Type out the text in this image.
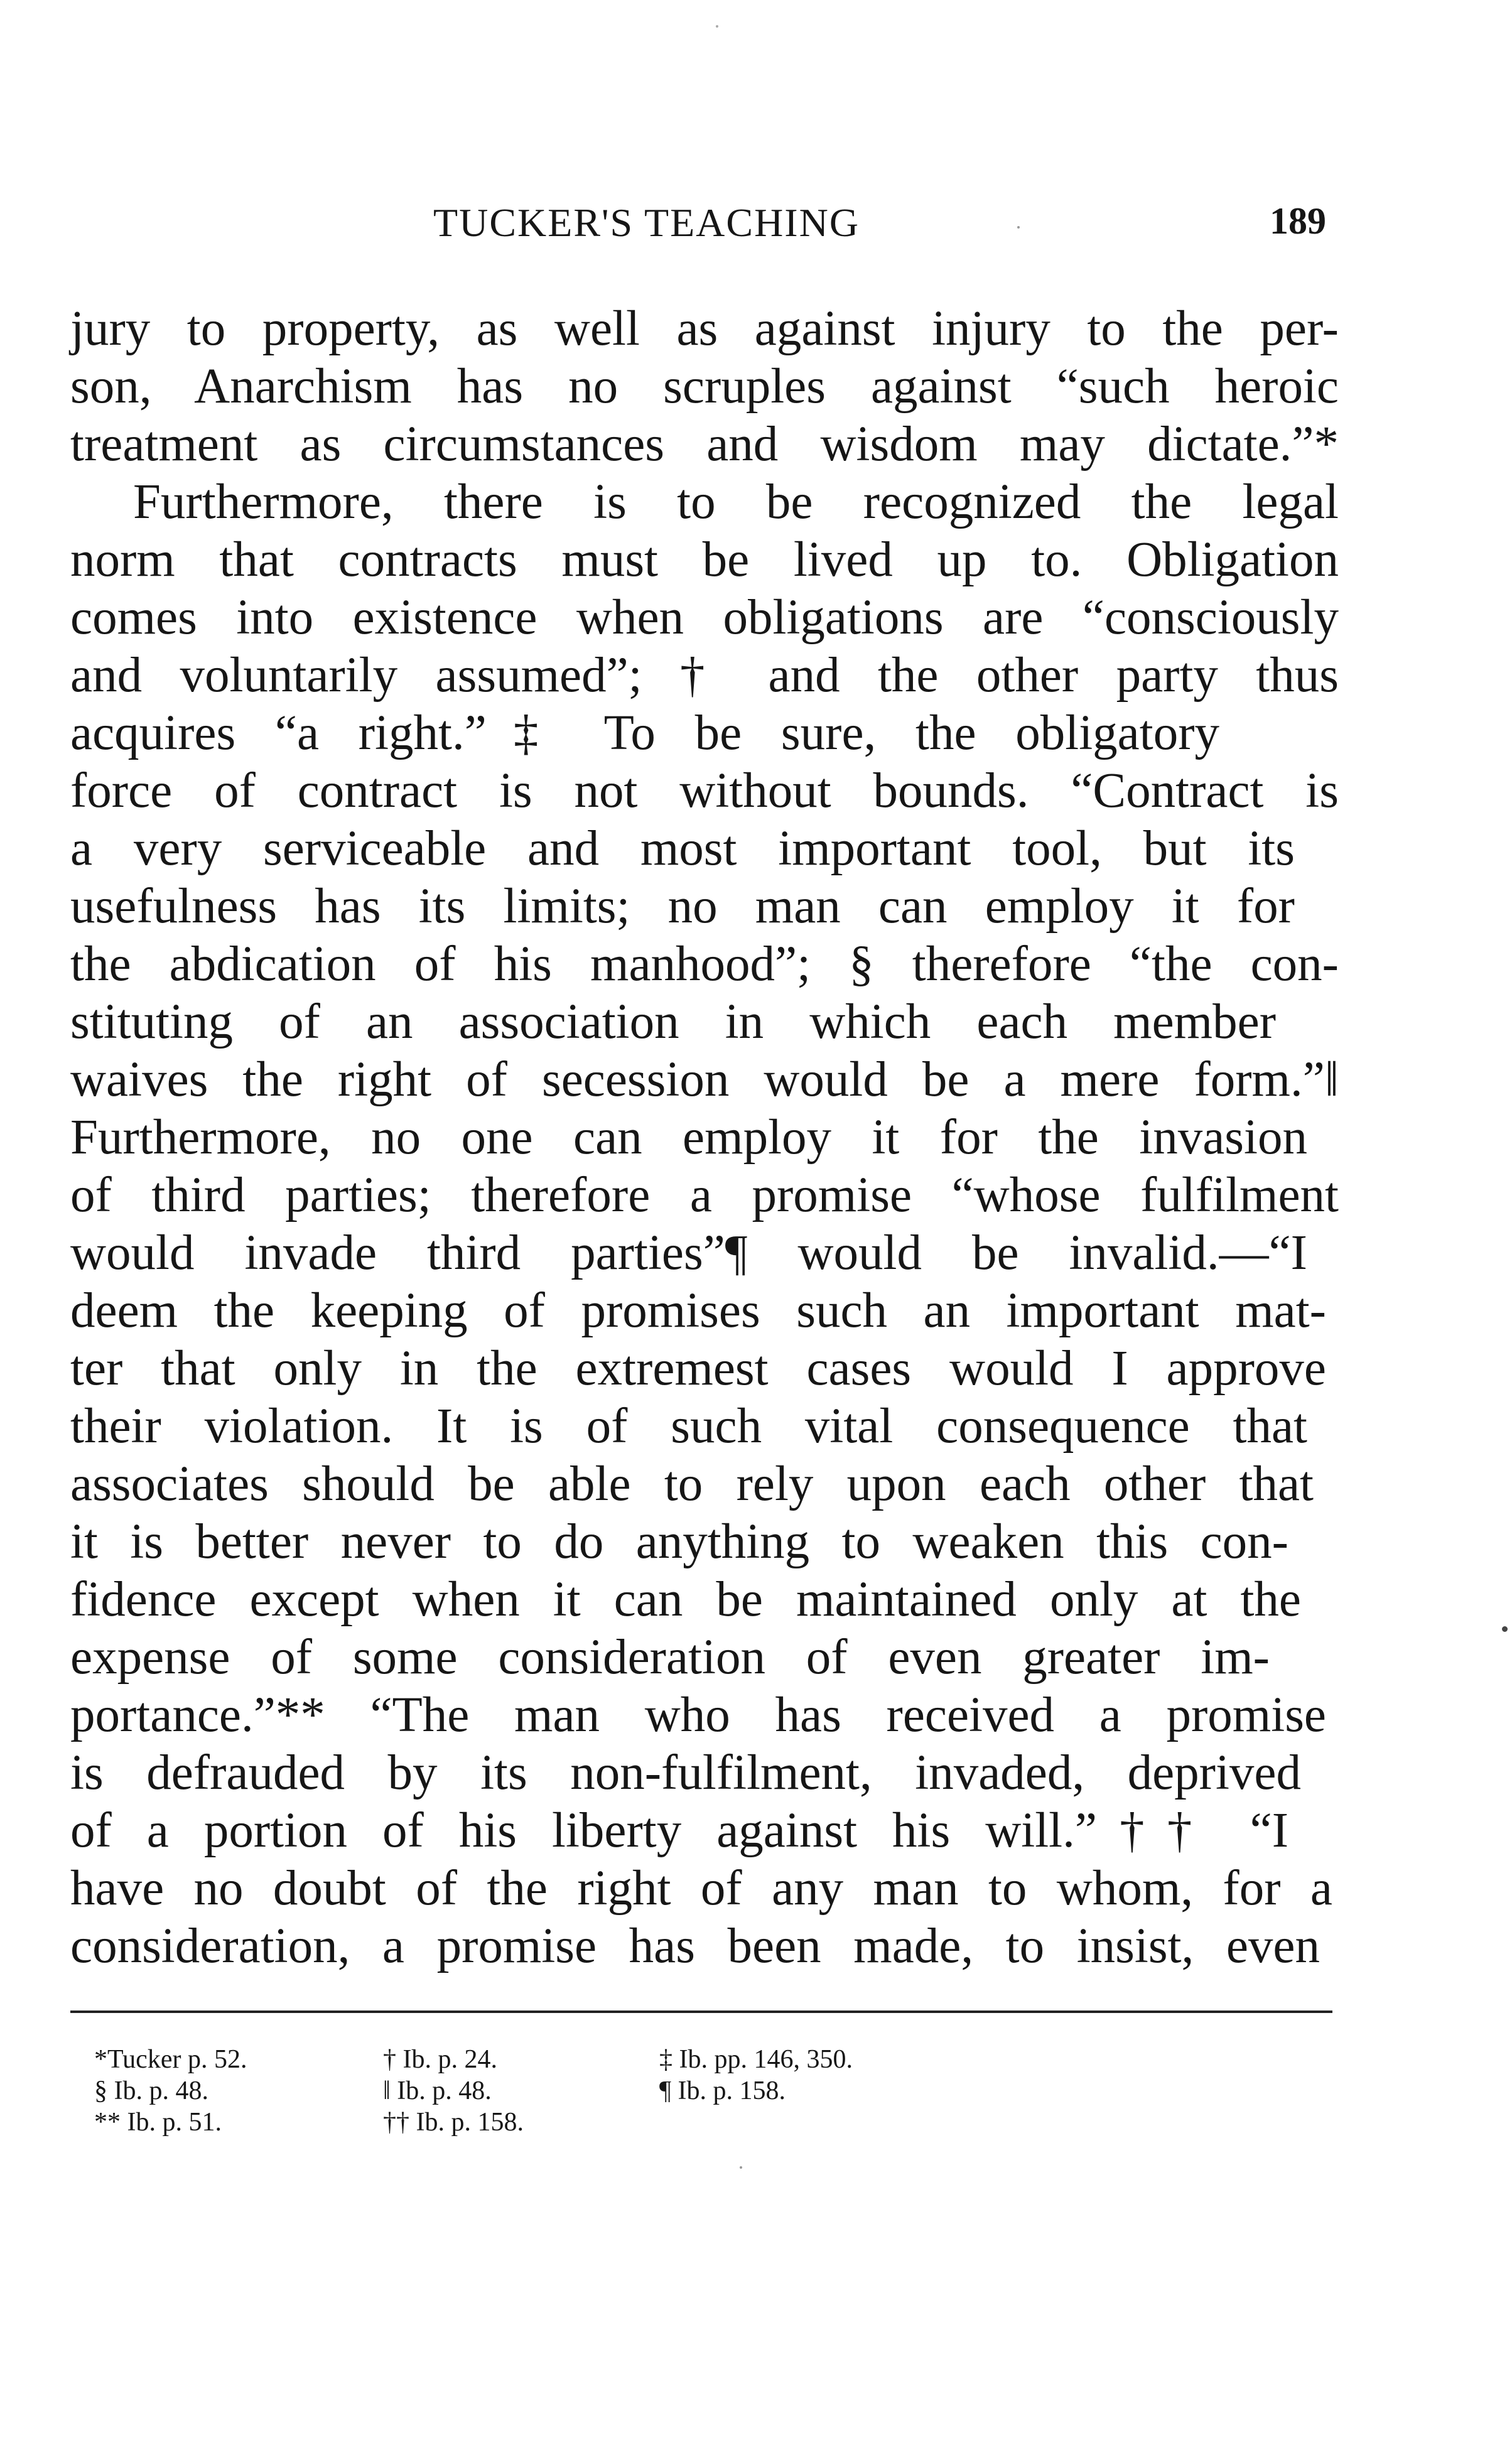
TUCKER'S TEACHING	189
jury to property, as well as against injury to the per-
son, Anarchism has no scruples against “such heroic
treatment as circumstances and wisdom may dictate.”*
Furthermore, there is to be recognized the legal
norm that contracts must be lived up to. Obligation
comes into existence when obligations are “consciously
and voluntarily assumed”; † and the other party thus
acquires “a right.”‡ To be sure, the obligatory
force of contract is not without bounds. “Contract is
a very serviceable and most important tool, but its
usefulness has its limits; no man can employ it for
the abdication of his manhood”; § therefore “the con-
stituting of an association in which each member
waives the right of secession would be a mere form.”‖
Furthermore, no one can employ it for the invasion
of third parties; therefore a promise “whose fulfilment
would invade third parties”¶ would be invalid.—“I
deem the keeping of promises such an important mat-
ter that only in the extremest cases would I approve
their violation. It is of such vital consequence that
associates should be able to rely upon each other that
it is better never to do anything to weaken this con-
fidence except when it can be maintained only at the
expense of some consideration of even greater im-
portance.”** “The man who has received a promise
is defrauded by its non-fulfilment, invaded, deprived
of a portion of his liberty against his will.”†† “I
have no doubt of the right of any man to whom, for a
consideration, a promise has been made, to insist, even
*Tucker p. 52.	† Ib. p. 24.	‡ Ib. pp. 146, 350.
§ Ib. p. 48.	‖ Ib. p. 48.	¶ Ib. p. 158.
** Ib. p. 51.	†† Ib. p. 158.
